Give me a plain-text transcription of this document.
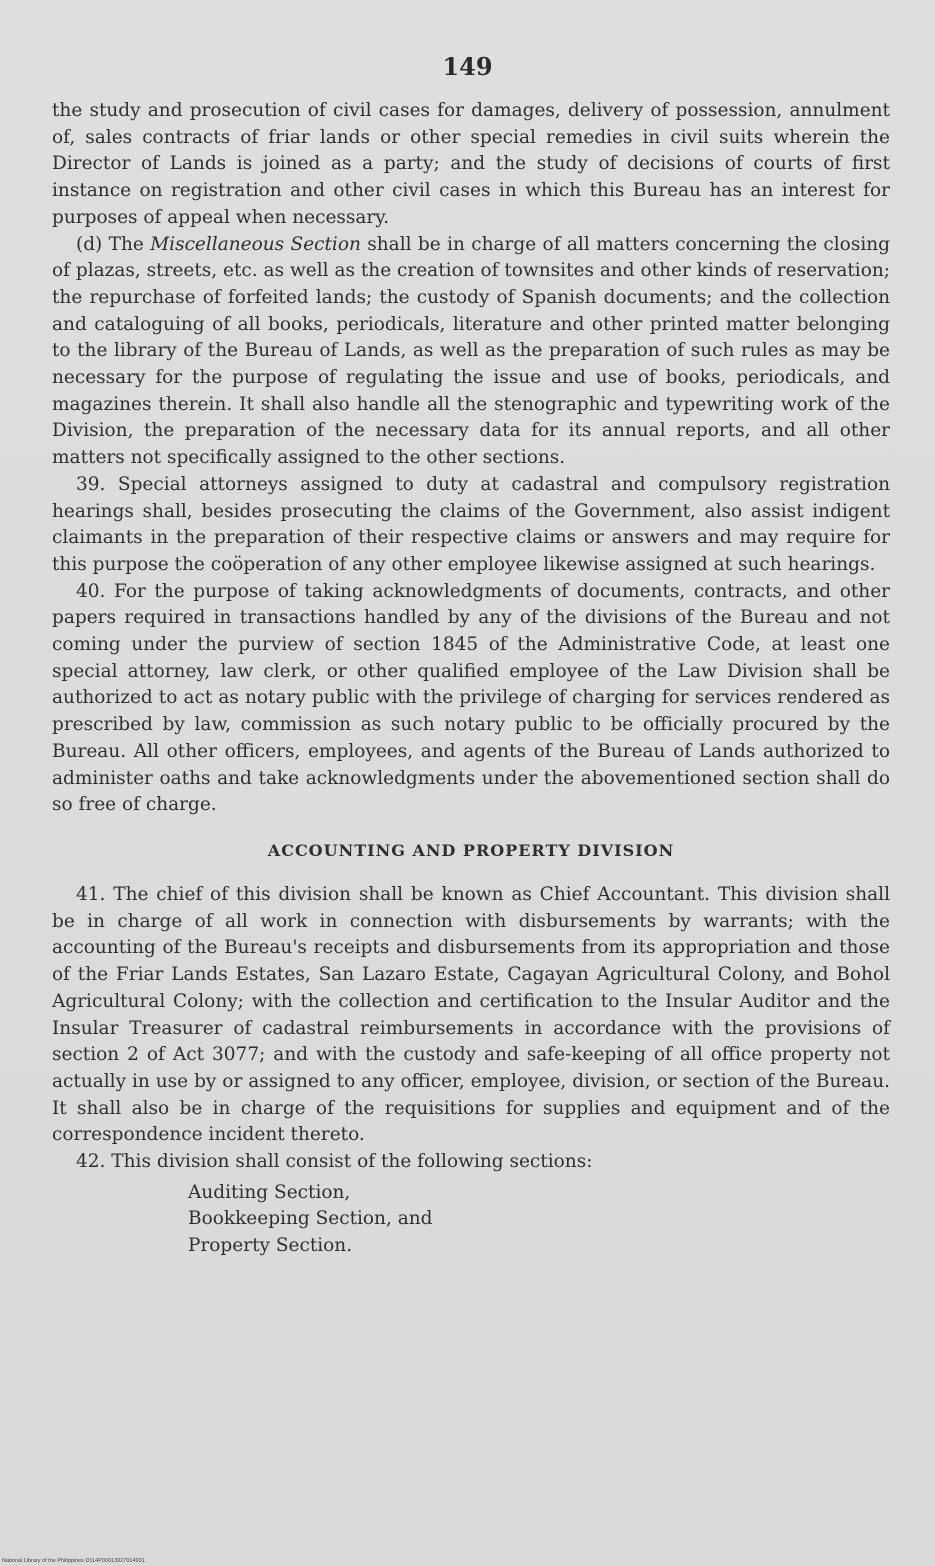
149

the study and prosecution of civil cases for damages, delivery of possession, annulment of, sales contracts of friar lands or other special remedies in civil suits wherein the Director of Lands is joined as a party; and the study of decisions of courts of first instance on registration and other civil cases in which this Bureau has an interest for purposes of appeal when necessary.

(d) The Miscellaneous Section shall be in charge of all matters concerning the closing of plazas, streets, etc. as well as the creation of townsites and other kinds of reservation; the repurchase of forfeited lands; the custody of Spanish documents; and the collection and cataloguing of all books, periodicals, literature and other printed matter belonging to the library of the Bureau of Lands, as well as the preparation of such rules as may be necessary for the purpose of regulating the issue and use of books, periodicals, and magazines therein. It shall also handle all the stenographic and typewriting work of the Division, the preparation of the necessary data for its annual reports, and all other matters not specifically assigned to the other sections.

39. Special attorneys assigned to duty at cadastral and compulsory registration hearings shall, besides prosecuting the claims of the Government, also assist indigent claimants in the preparation of their respective claims or answers and may require for this purpose the coöperation of any other employee likewise assigned at such hearings.

40. For the purpose of taking acknowledgments of documents, contracts, and other papers required in transactions handled by any of the divisions of the Bureau and not coming under the purview of section 1845 of the Administrative Code, at least one special attorney, law clerk, or other qualified employee of the Law Division shall be authorized to act as notary public with the privilege of charging for services rendered as prescribed by law, commission as such notary public to be officially procured by the Bureau. All other officers, employees, and agents of the Bureau of Lands authorized to administer oaths and take acknowledgments under the abovementioned section shall do so free of charge.

ACCOUNTING AND PROPERTY DIVISION

41. The chief of this division shall be known as Chief Accountant. This division shall be in charge of all work in connection with disbursements by warrants; with the accounting of the Bureau's receipts and disbursements from its appropriation and those of the Friar Lands Estates, San Lazaro Estate, Cagayan Agricultural Colony, and Bohol Agricultural Colony; with the collection and certification to the Insular Auditor and the Insular Treasurer of cadastral reimbursements in accordance with the provisions of section 2 of Act 3077; and with the custody and safe-keeping of all office property not actually in use by or assigned to any officer, employee, division, or section of the Bureau. It shall also be in charge of the requisitions for supplies and equipment and of the correspondence incident thereto.

42. This division shall consist of the following sections:

Auditing Section,
Bookkeeping Section, and
Property Section.
National Library of the Philippines D114P00013927014931
